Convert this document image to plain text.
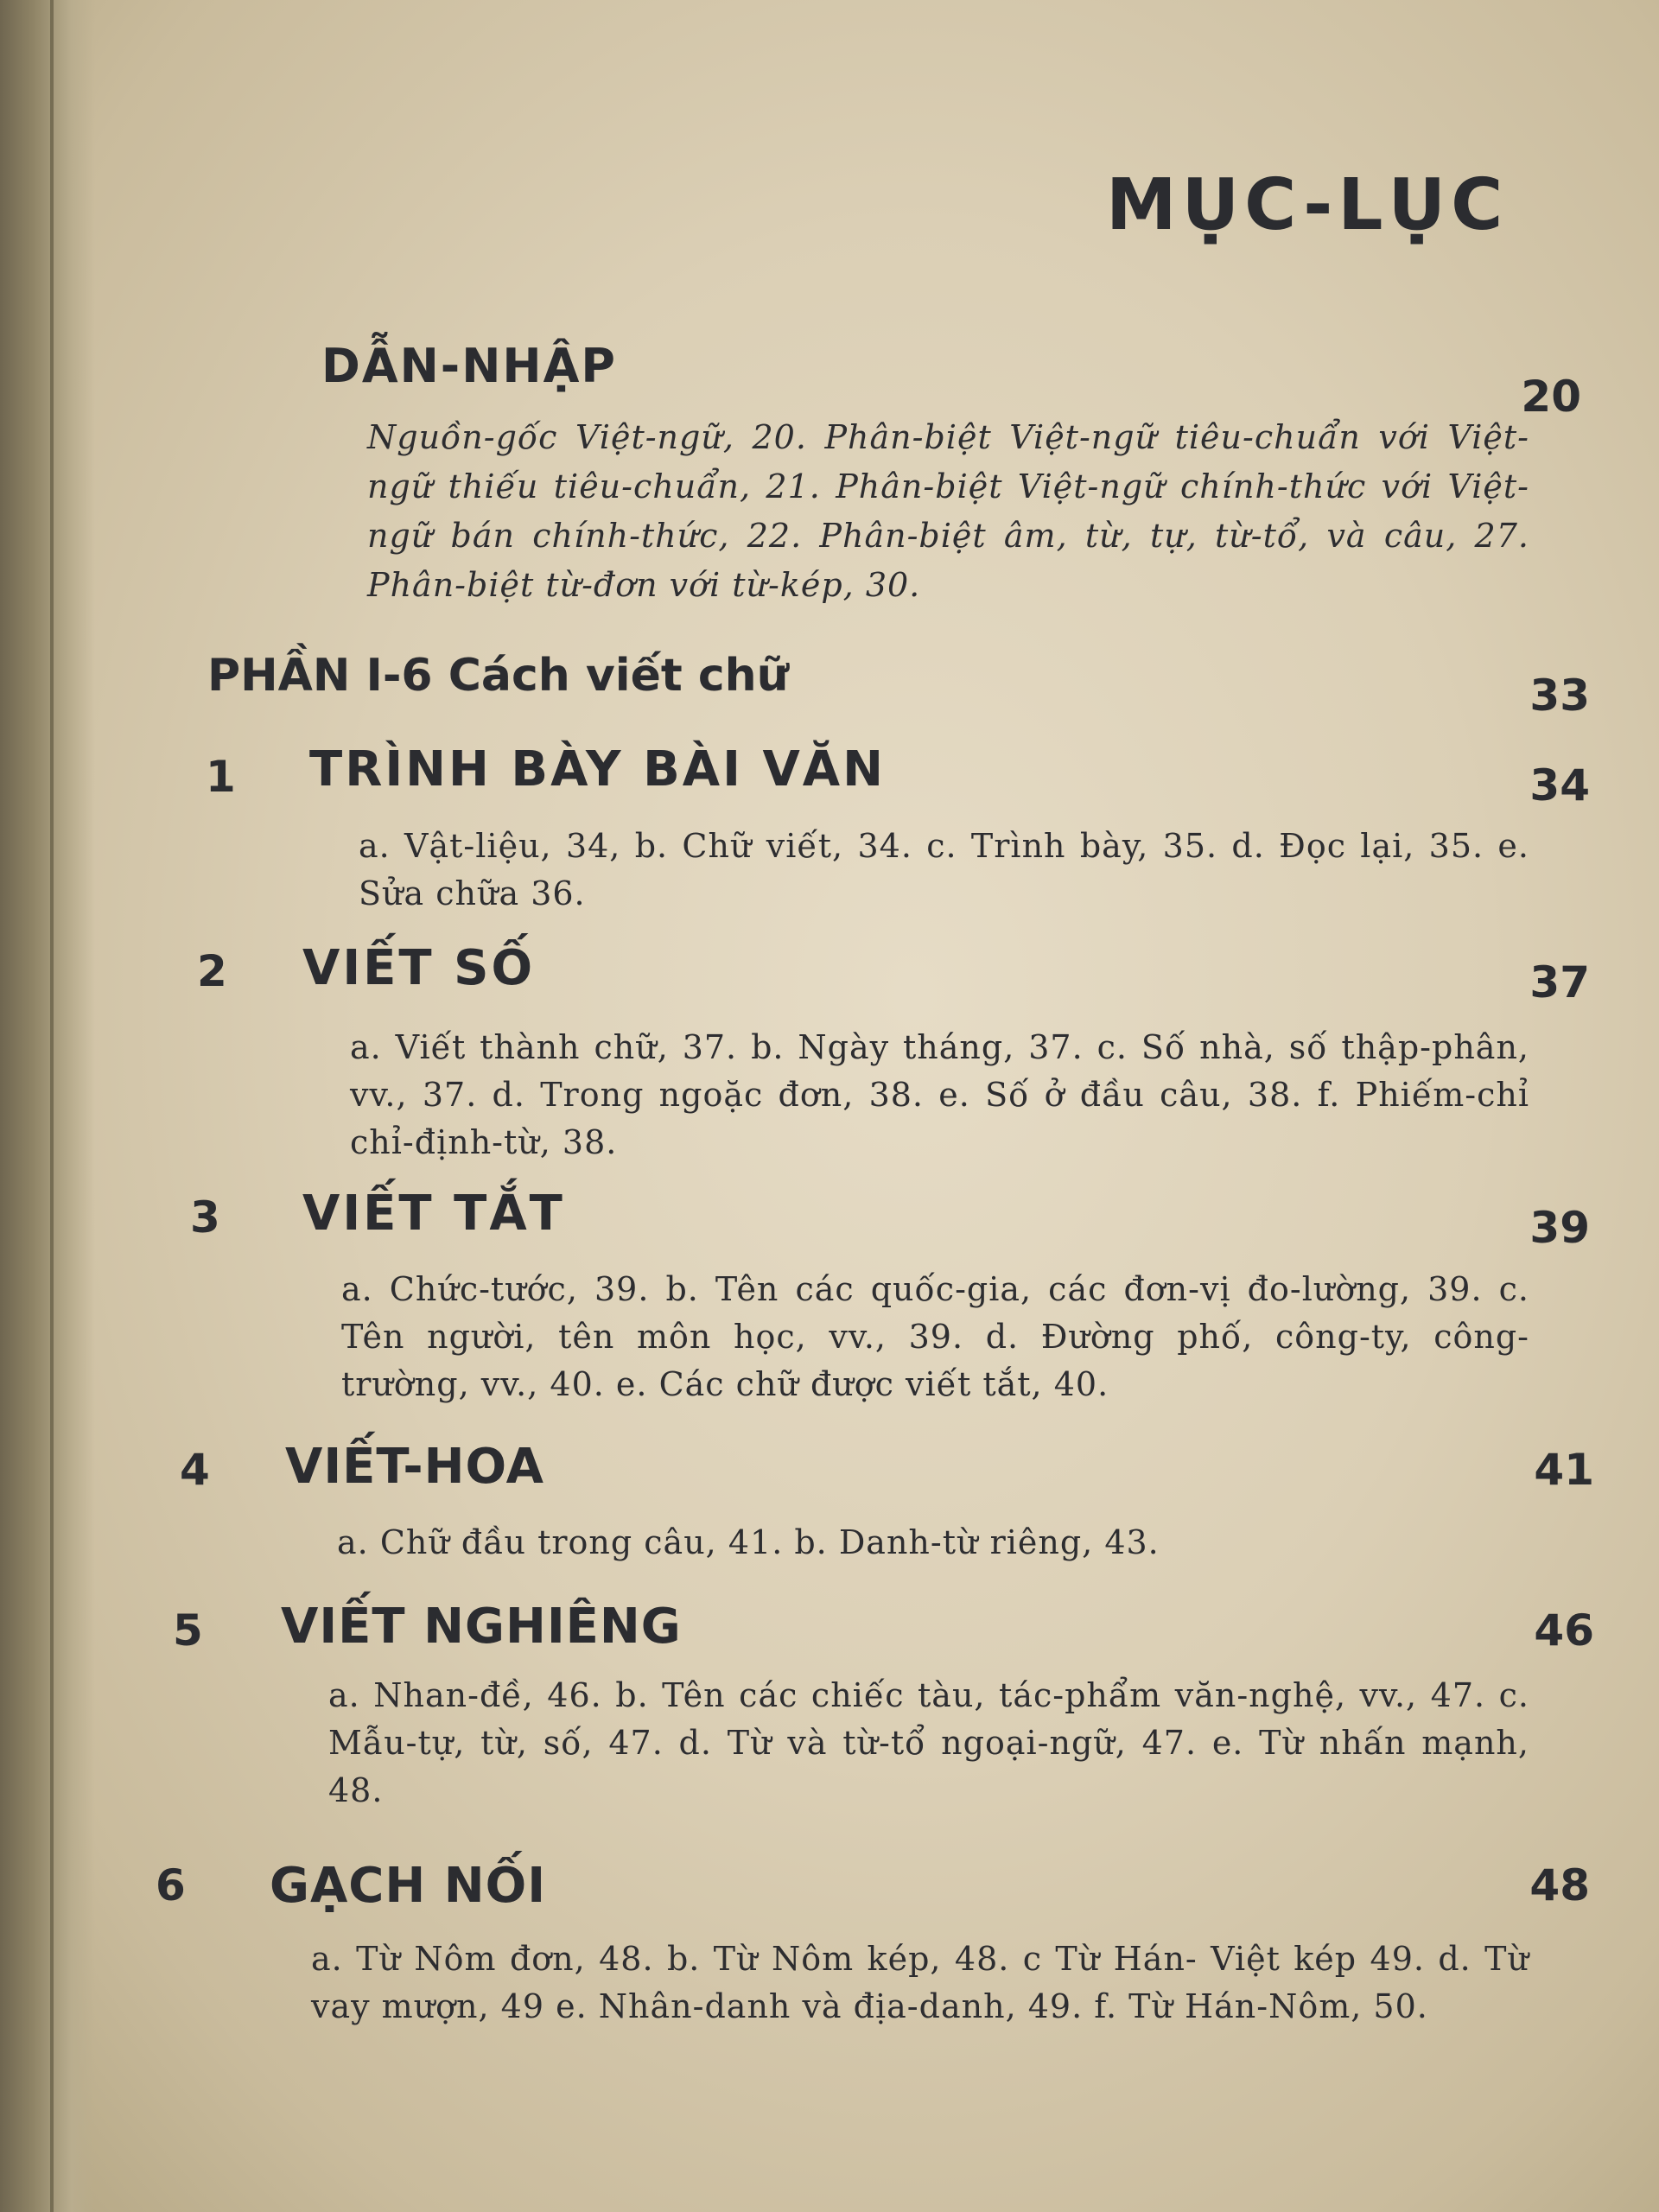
MỤC-LỤC
DẪN-NHẬP
20
Nguồn-gốc Việt-ngữ, 20. Phân-biệt Việt-ngữ tiêu-chuẩn với Việt-ngữ thiếu tiêu-chuẩn, 21. Phân-biệt Việt-ngữ chính-thức với Việt-ngữ bán chính-thức, 22. Phân-biệt âm, từ, tự, từ-tổ, và câu, 27. Phân-biệt từ-đơn với từ-kép, 30.
PHẦN I-6 Cách viết chữ	33
1 TRÌNH BÀY BÀI VĂN	34
a. Vật-liệu, 34, b. Chữ viết, 34. c. Trình bày, 35. d. Đọc lại, 35. e. Sửa chữa 36.
2 VIẾT SỐ	37
a. Viết thành chữ, 37. b. Ngày tháng, 37. c. Số nhà, số thập-phân, vv., 37. d. Trong ngoặc đơn, 38. e. Số ở đầu câu, 38. f. Phiếm-chỉ chỉ-định-từ, 38.
3 VIẾT TẮT	39
a. Chức-tước, 39. b. Tên các quốc-gia, các đơn-vị đo-lường, 39. c. Tên người, tên môn học, vv., 39. d. Đường phố, công-ty, công-trường, vv., 40. e. Các chữ được viết tắt, 40.
4 VIẾT-HOA	41
a. Chữ đầu trong câu, 41. b. Danh-từ riêng, 43.
5 VIẾT NGHIÊNG	46
a. Nhan-đề, 46. b. Tên các chiếc tàu, tác-phẩm văn-nghệ, vv., 47. c. Mẫu-tự, từ, số, 47. d. Từ và từ-tổ ngoại-ngữ, 47. e. Từ nhấn mạnh, 48.
6 GẠCH NỐI	48
a. Từ Nôm đơn, 48. b. Từ Nôm kép, 48. c Từ Hán- Việt kép 49. d. Từ vay mượn, 49 e. Nhân-danh và địa-danh, 49. f. Từ Hán-Nôm, 50.
